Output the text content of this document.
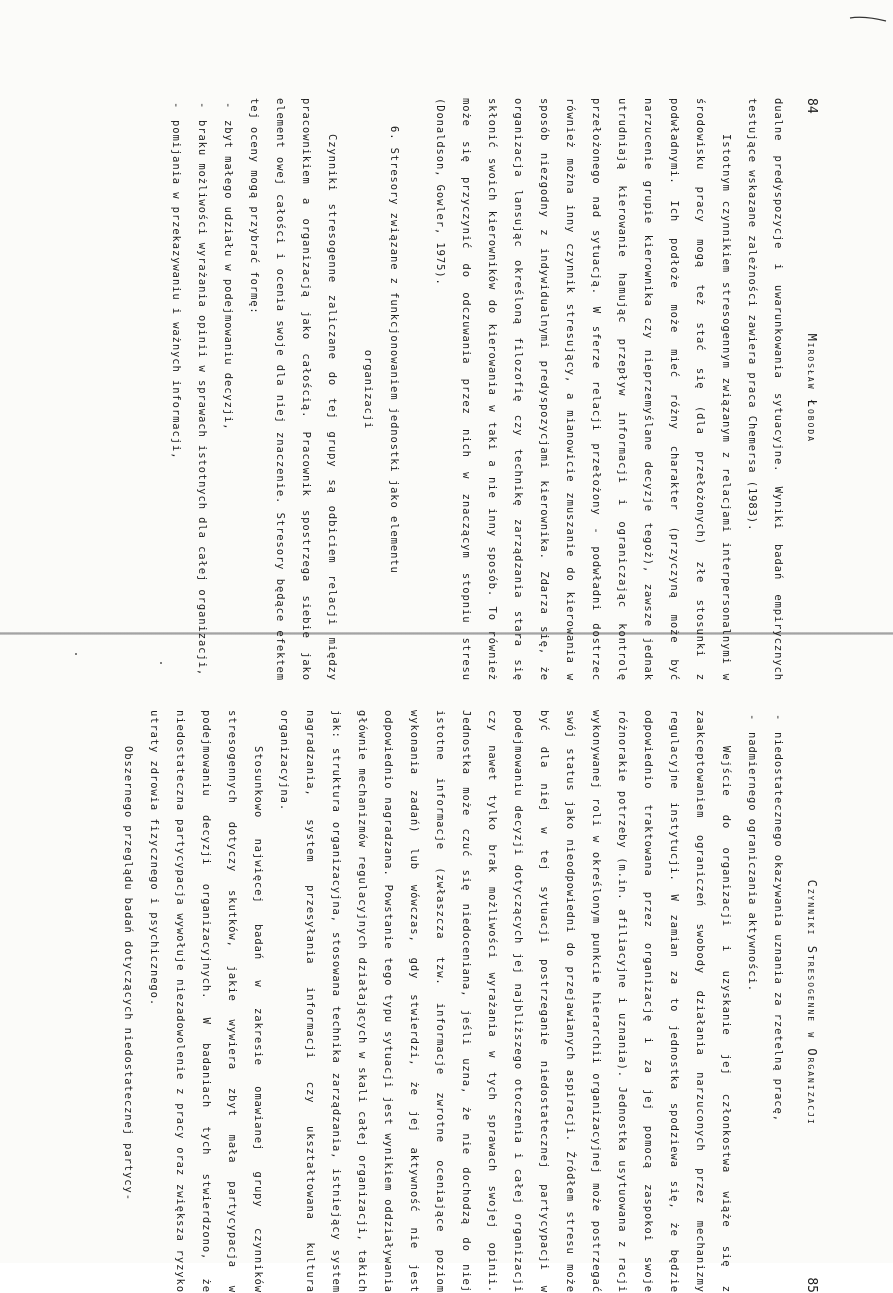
84
Mirosław Łoboda

dualne predyspozycje i uwarunkowania sytuacyjne. Wyniki badań empirycznych testujące wskazane zależności zawiera praca Chemersa (1983).

Istotnym czynnikiem stresogennym związanym z relacjami interpersonalnymi w środowisku pracy mogą też stać się (dla przełożonych) złe stosunki z podwładnymi. Ich podłoże może mieć różny charakter (przyczyną może być narzucenie grupie kierownika czy nieprzemyślane decyzje tegoż), zawsze jednak utrudniają kierowanie hamując przepływ informacji i ograniczając kontrolę przełożonego nad sytuacją. W sferze relacji przełożony - podwładni dostrzec również można inny czynnik stresujący, a mianowicie zmuszanie do kierowania w sposób niezgodny z indywidualnymi predyspozycjami kierownika. Zdarza się, że organizacja lansując określoną filozofię czy technikę zarządzania stara się skłonić swoich kierowników do kierowania w taki a nie inny sposób. To również może się przyczynić do odczuwania przez nich w znaczącym stopniu stresu (Donaldson, Gowler, 1975).

6. Stresory związane z funkcjonowaniem jednostki jako elementu
organizacji

Czynniki stresogenne zaliczane do tej grupy są odbiciem relacji między pracownikiem a organizacją jako całością. Pracownik spostrzega siebie jako element owej całości i ocenia swoje dla niej znaczenie. Stresory będące efektem tej oceny mogą przybrać formę:

- zbyt małego udziału w podejmowaniu decyzji,
- braku możliwości wyrażania opinii w sprawach istotnych dla całej organizacji,
- pomijania w przekazywaniu i ważnych informacji,
Czynniki Stresogenne w Organizacji
85
- niedostatecznego okazywania uznania za rzetelną pracę,
- nadmiernego ograniczania aktywności.

Wejście do organizacji i uzyskanie jej członkostwa wiąże się z zaakceptowaniem ograniczeń swobody działania narzuconych przez mechanizmy regulacyjne instytucji. W zamian za to jednostka spodziewa się, że będzie odpowiednio traktowana przez organizację i za jej pomocą zaspokoi swoje różnorakie potrzeby (m.in. afiliacyjne i uznania). Jednostka usytuowana z racji wykonywanej roli w określonym punkcie hierarchii organizacyjnej może postrzegać swój status jako nieodpowiedni do przejawianych aspiracji. Źródłem stresu może być dla niej w tej sytuacji postrzeganie niedostatecznej partycypacji w podejmowaniu decyzji dotyczących jej najbliższego otoczenia i całej organizacji czy nawet tylko brak możliwości wyrażania w tych sprawach swojej opinii. Jednostka może czuć się niedoceniana, jeśli uzna, że nie dochodzą do niej istotne informacje (zwłaszcza tzw. informacje zwrotne oceniające poziom wykonania zadań) lub wówczas, gdy stwierdzi, że jej aktywność nie jest odpowiednio nagradzana. Powstanie tego typu sytuacji jest wynikiem oddziaływania głównie mechanizmów regulacyjnych działających w skali całej organizacji, takich jak: struktura organizacyjna, stosowana technika zarządzania, istniejący system nagradzania, system przesyłania informacji czy ukształtowana kultura organizacyjna.

Stosunkowo najwięcej badań w zakresie omawianej grupy czynników stresogennych dotyczy skutków, jakie wywiera zbyt mała partycypacja w podejmowaniu decyzji organizacyjnych. W badaniach tych stwierdzono, że niedostateczna partycypacja wywołuje niezadowolenie z pracy oraz zwiększa ryzyko utraty zdrowia fizycznego i psychicznego.

Obszernego przeglądu badań dotyczących niedostatecznej partycy-
